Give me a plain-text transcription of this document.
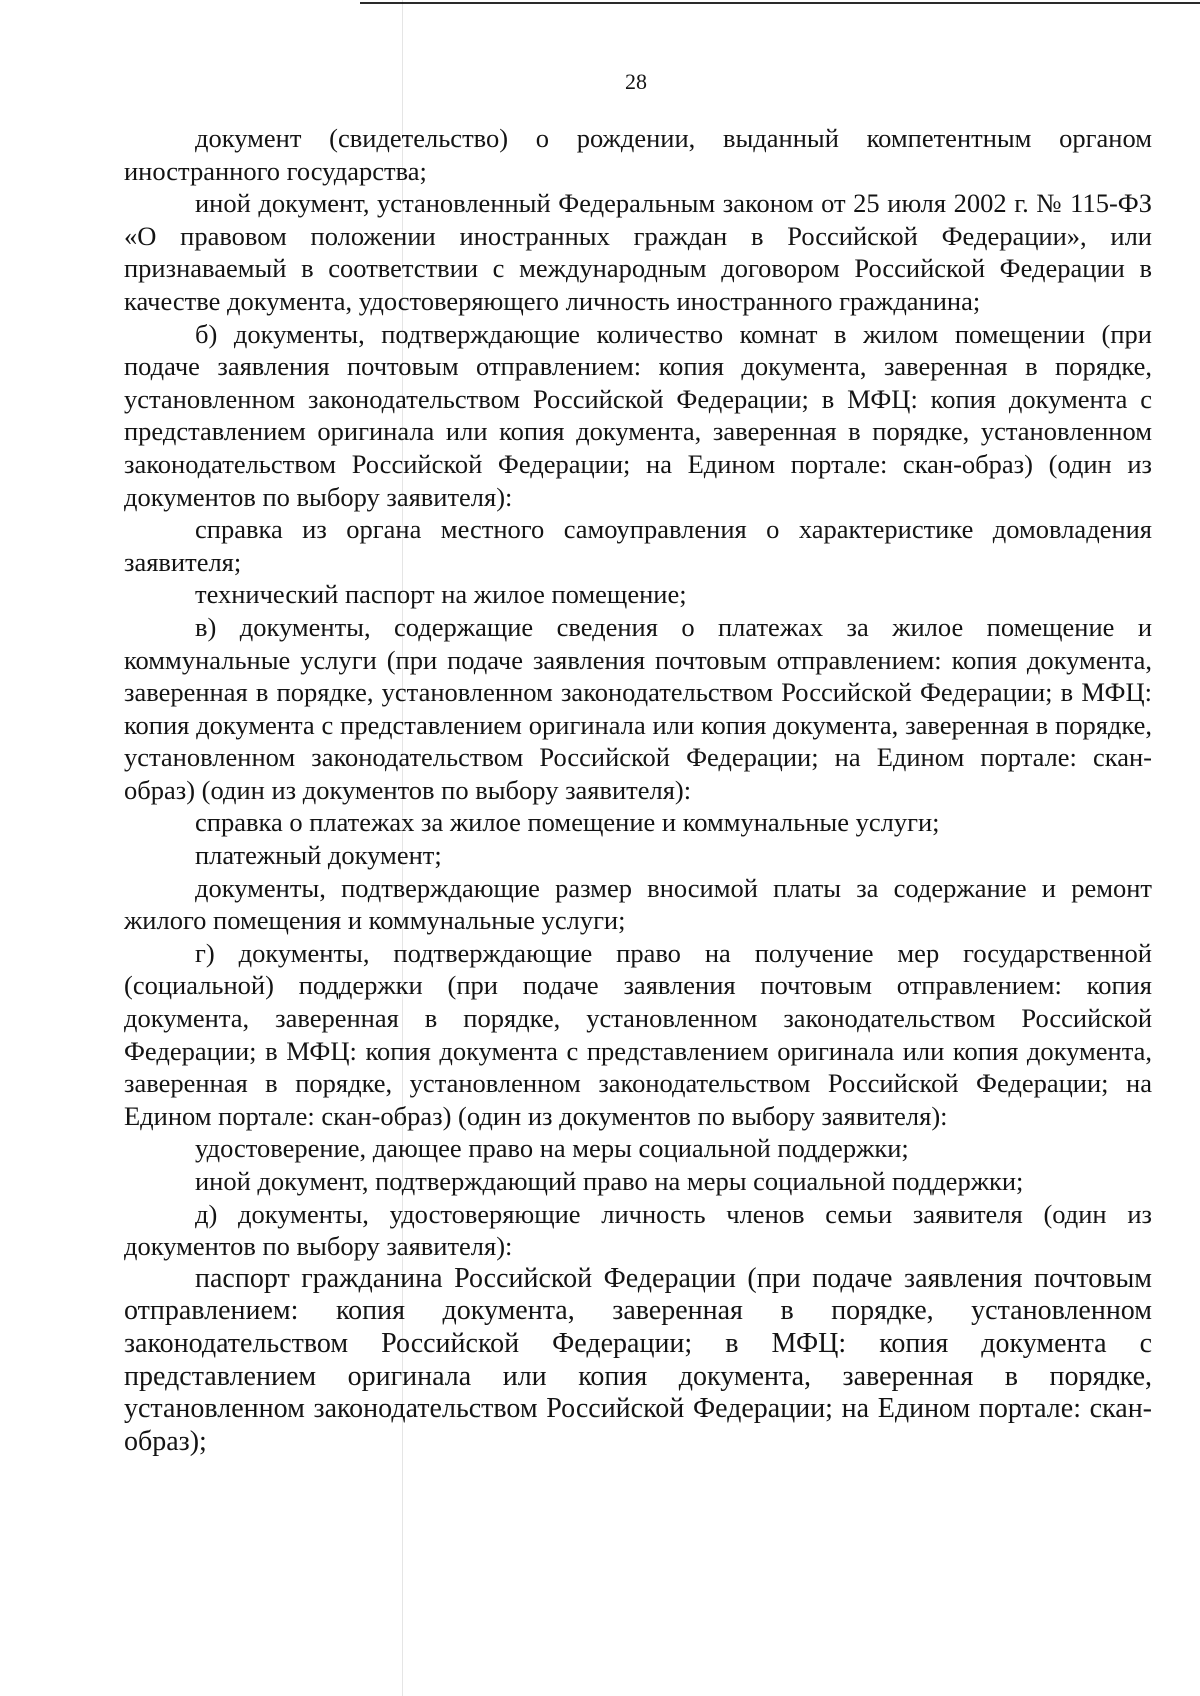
28

документ (свидетельство) о рождении, выданный компетентным органом иностранного государства;

иной документ, установленный Федеральным законом от 25 июля 2002 г. № 115-ФЗ «О правовом положении иностранных граждан в Российской Федерации», или признаваемый в соответствии с международным договором Российской Федерации в качестве документа, удостоверяющего личность иностранного гражданина;

б) документы, подтверждающие количество комнат в жилом помещении (при подаче заявления почтовым отправлением: копия документа, заверенная в порядке, установленном законодательством Российской Федерации; в МФЦ: копия документа с представлением оригинала или копия документа, заверенная в порядке, установленном законодательством Российской Федерации; на Едином портале: скан-образ) (один из документов по выбору заявителя):

справка из органа местного самоуправления о характеристике домовладения заявителя;

технический паспорт на жилое помещение;

в) документы, содержащие сведения о платежах за жилое помещение и коммунальные услуги (при подаче заявления почтовым отправлением: копия документа, заверенная в порядке, установленном законодательством Российской Федерации; в МФЦ: копия документа с представлением оригинала или копия документа, заверенная в порядке, установленном законодательством Российской Федерации; на Едином портале: скан-образ) (один из документов по выбору заявителя):

справка о платежах за жилое помещение и коммунальные услуги;

платежный документ;

документы, подтверждающие размер вносимой платы за содержание и ремонт жилого помещения и коммунальные услуги;

г) документы, подтверждающие право на получение мер государственной (социальной) поддержки (при подаче заявления почтовым отправлением: копия документа, заверенная в порядке, установленном законодательством Российской Федерации; в МФЦ: копия документа с представлением оригинала или копия документа, заверенная в порядке, установленном законодательством Российской Федерации; на Едином портале: скан-образ) (один из документов по выбору заявителя):

удостоверение, дающее право на меры социальной поддержки;

иной документ, подтверждающий право на меры социальной поддержки;

д) документы, удостоверяющие личность членов семьи заявителя (один из документов по выбору заявителя):

паспорт гражданина Российской Федерации (при подаче заявления почтовым отправлением: копия документа, заверенная в порядке, установленном законодательством Российской Федерации; в МФЦ: копия документа с представлением оригинала или копия документа, заверенная в порядке, установленном законодательством Российской Федерации; на Едином портале: скан-образ);
